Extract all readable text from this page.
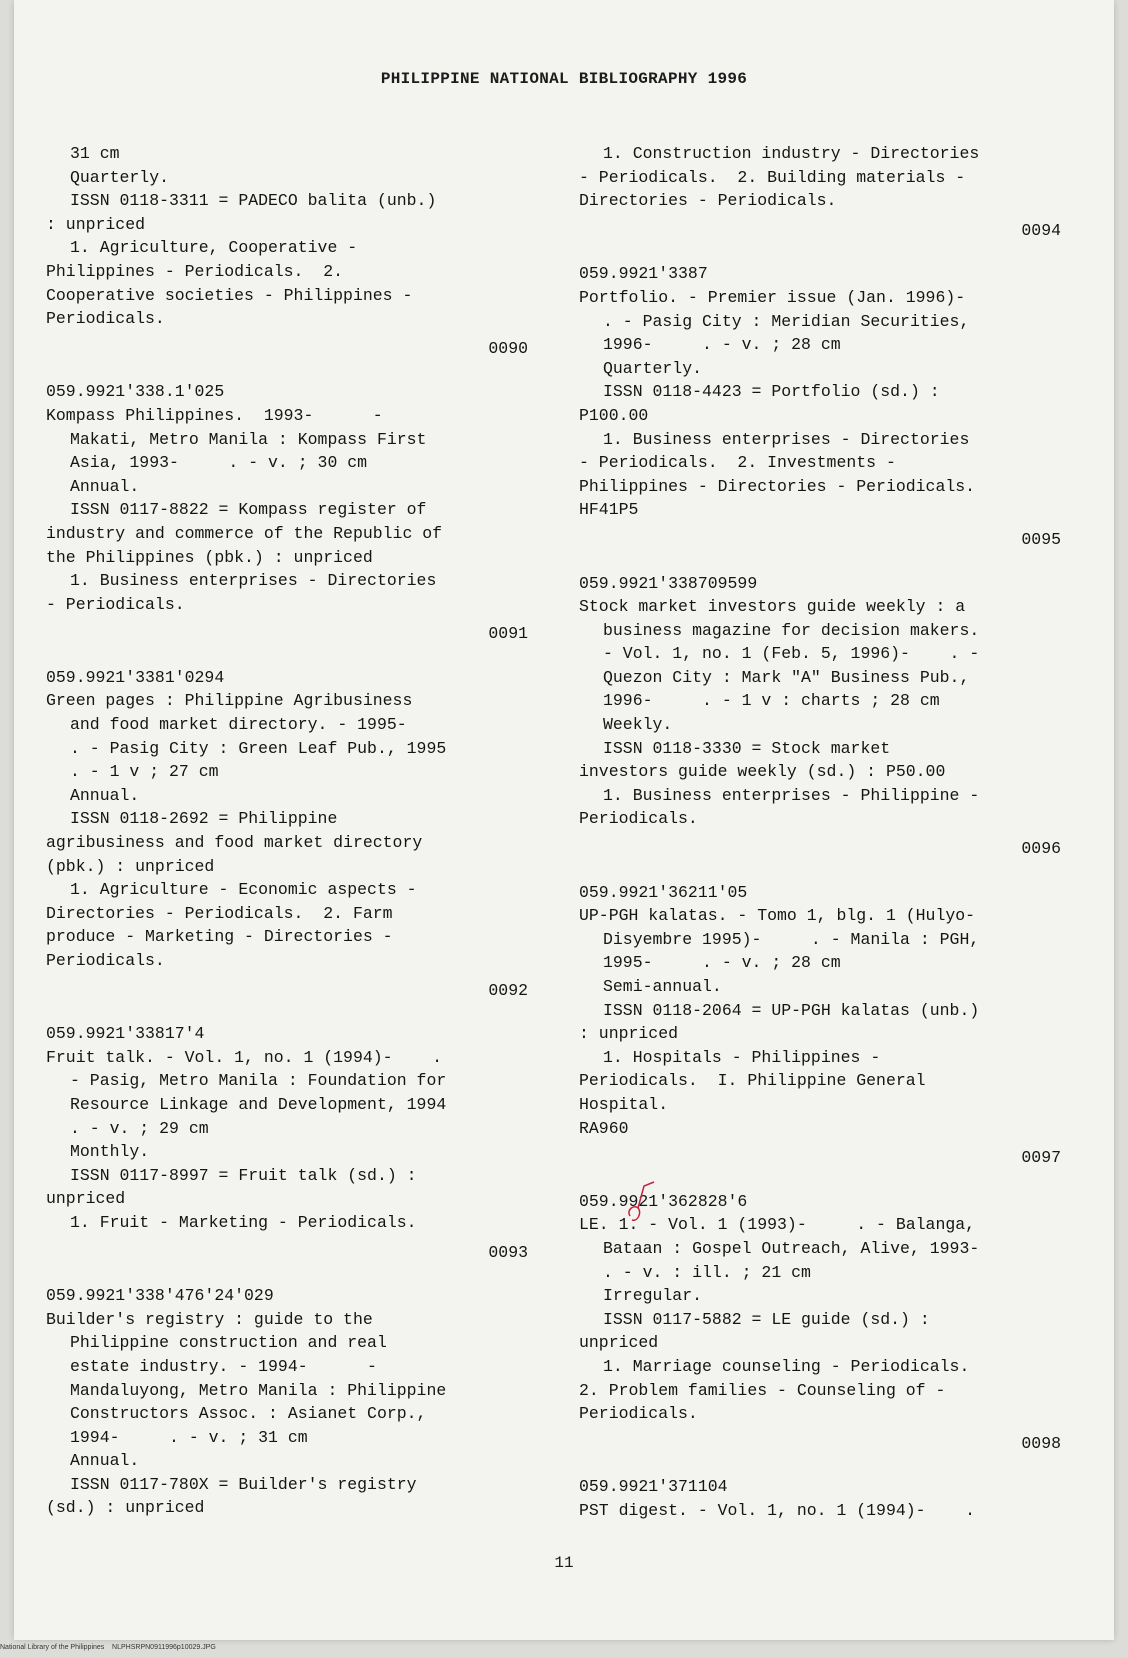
PHILIPPINE NATIONAL BIBLIOGRAPHY 1996
31 cm
Quarterly.
ISSN 0118-3311 = PADECO balita (unb.)
: unpriced
1. Agriculture, Cooperative -
Philippines - Periodicals.  2.
Cooperative societies - Philippines -
Periodicals.
0090
059.9921'338.1'025
Kompass Philippines.  1993-      -
Makati, Metro Manila : Kompass First
Asia, 1993-     . - v. ; 30 cm
Annual.
ISSN 0117-8822 = Kompass register of
industry and commerce of the Republic of
the Philippines (pbk.) : unpriced
1. Business enterprises - Directories
- Periodicals.
0091
059.9921'3381'0294
Green pages : Philippine Agribusiness
and food market directory. - 1995-
. - Pasig City : Green Leaf Pub., 1995
. - 1 v ; 27 cm
Annual.
ISSN 0118-2692 = Philippine
agribusiness and food market directory
(pbk.) : unpriced
1. Agriculture - Economic aspects -
Directories - Periodicals.  2. Farm
produce - Marketing - Directories -
Periodicals.
0092
059.9921'33817'4
Fruit talk. - Vol. 1, no. 1 (1994)-    .
- Pasig, Metro Manila : Foundation for
Resource Linkage and Development, 1994
. - v. ; 29 cm
Monthly.
ISSN 0117-8997 = Fruit talk (sd.) :
unpriced
1. Fruit - Marketing - Periodicals.
0093
059.9921'338'476'24'029
Builder's registry : guide to the
Philippine construction and real
estate industry. - 1994-      -
Mandaluyong, Metro Manila : Philippine
Constructors Assoc. : Asianet Corp.,
1994-     . - v. ; 31 cm
Annual.
ISSN 0117-780X = Builder's registry
(sd.) : unpriced
1. Construction industry - Directories
- Periodicals.  2. Building materials -
Directories - Periodicals.
0094
059.9921'3387
Portfolio. - Premier issue (Jan. 1996)-
. - Pasig City : Meridian Securities,
1996-     . - v. ; 28 cm
Quarterly.
ISSN 0118-4423 = Portfolio (sd.) :
P100.00
1. Business enterprises - Directories
- Periodicals.  2. Investments -
Philippines - Directories - Periodicals.
HF41P5
0095
059.9921'338709599
Stock market investors guide weekly : a
business magazine for decision makers.
- Vol. 1, no. 1 (Feb. 5, 1996)-    . -
Quezon City : Mark "A" Business Pub.,
1996-     . - 1 v : charts ; 28 cm
Weekly.
ISSN 0118-3330 = Stock market
investors guide weekly (sd.) : P50.00
1. Business enterprises - Philippine -
Periodicals.
0096
059.9921'36211'05
UP-PGH kalatas. - Tomo 1, blg. 1 (Hulyo-
Disyembre 1995)-     . - Manila : PGH,
1995-     . - v. ; 28 cm
Semi-annual.
ISSN 0118-2064 = UP-PGH kalatas (unb.)
: unpriced
1. Hospitals - Philippines -
Periodicals.  I. Philippine General
Hospital.
RA960
0097
059.9921'362828'6
LE. 1. - Vol. 1 (1993)-     . - Balanga,
Bataan : Gospel Outreach, Alive, 1993-
. - v. : ill. ; 21 cm
Irregular.
ISSN 0117-5882 = LE guide (sd.) :
unpriced
1. Marriage counseling - Periodicals.
2. Problem families - Counseling of -
Periodicals.
0098
059.9921'371104
PST digest. - Vol. 1, no. 1 (1994)-    .
11
National Library of the Philippines    NLPHSRPN0911996p10029.JPG
